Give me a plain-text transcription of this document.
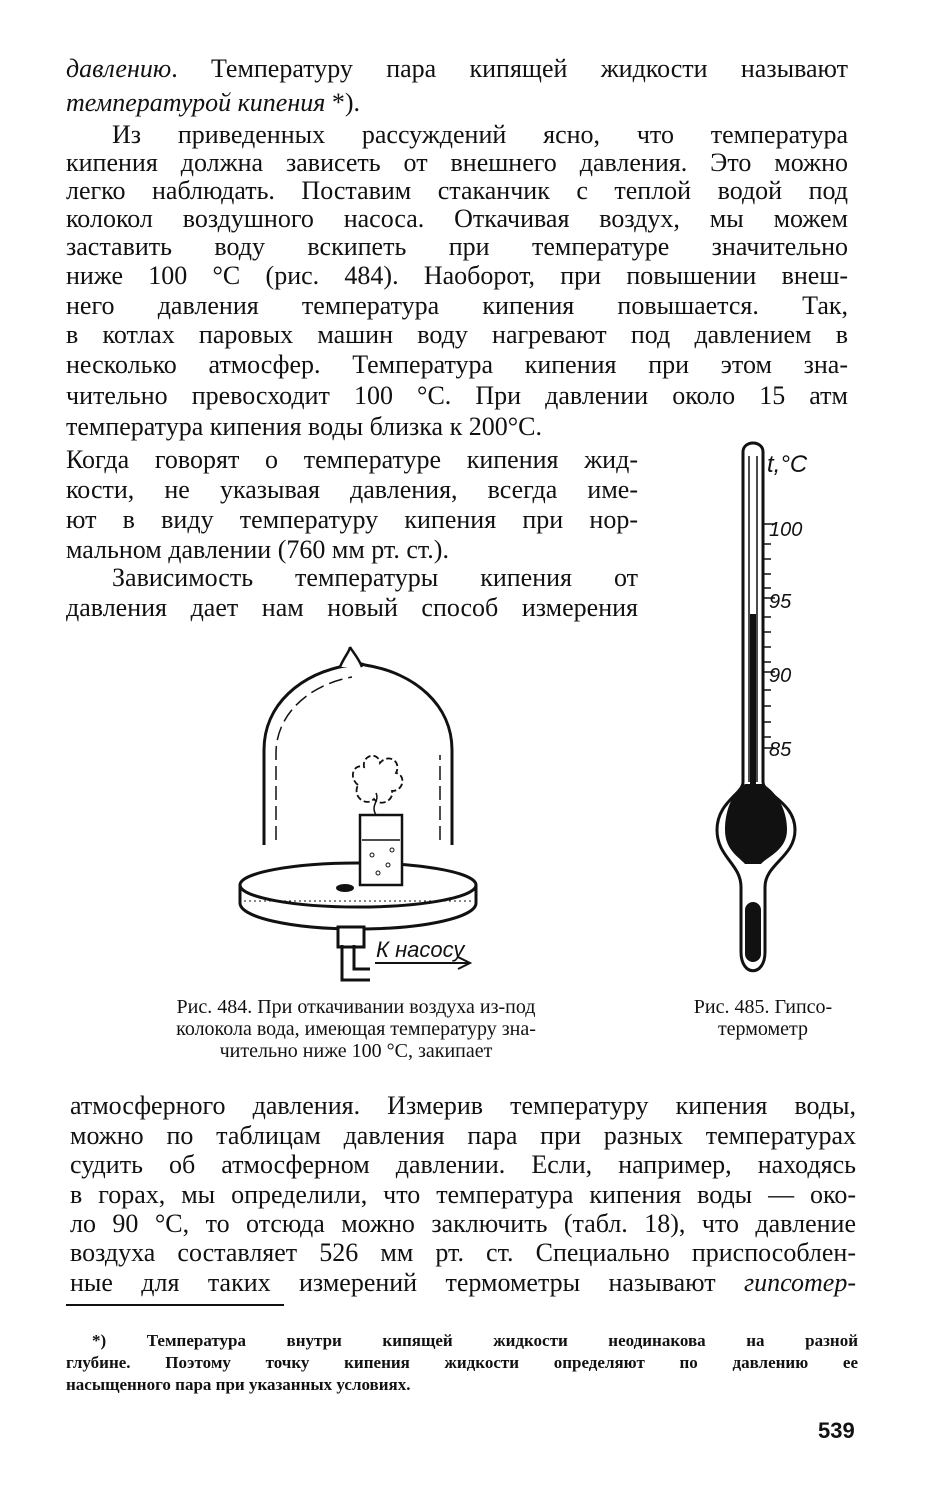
давлению. Температуру пара кипящей жидкости называют
температурой кипения *).
Из приведенных рассуждений ясно, что температура
кипения должна зависеть от внешнего давления. Это можно
легко наблюдать. Поставим стаканчик с теплой водой под
колокол воздушного насоса. Откачивая воздух, мы можем
заставить воду вскипеть при температуре значительно
ниже 100 °С (рис. 484). Наоборот, при повышении внеш-
него давления температура кипения повышается. Так,
в котлах паровых машин воду нагревают под давлением в
несколько атмосфер. Температура кипения при этом зна-
чительно превосходит 100 °С. При давлении около 15 атм
температура кипения воды близка к 200°С.
Когда говорят о температуре кипения жид-
кости, не указывая давления, всегда име-
ют в виду температуру кипения при нор-
мальном давлении (760 мм рт. ст.).
Зависимость температуры кипения от
давления дает нам новый способ измерения
К насосу
t,°C
100
95
90
85
Рис. 484. При откачивании воздуха из-под
колокола вода, имеющая температуру зна-
чительно ниже 100 °С, закипает
Рис. 485. Гипсо-
термометр
атмосферного давления. Измерив температуру кипения воды,
можно по таблицам давления пара при разных температурах
судить об атмосферном давлении. Если, например, находясь
в горах, мы определили, что температура кипения воды — око-
ло 90 °С, то отсюда можно заключить (табл. 18), что давление
воздуха составляет 526 мм рт. ст. Специально приспособлен-
ные для таких измерений термометры называют гипсотер-
*) Температура внутри кипящей жидкости неодинакова на разной
глубине. Поэтому точку кипения жидкости определяют по давлению ее
насыщенного пара при указанных условиях.
539
